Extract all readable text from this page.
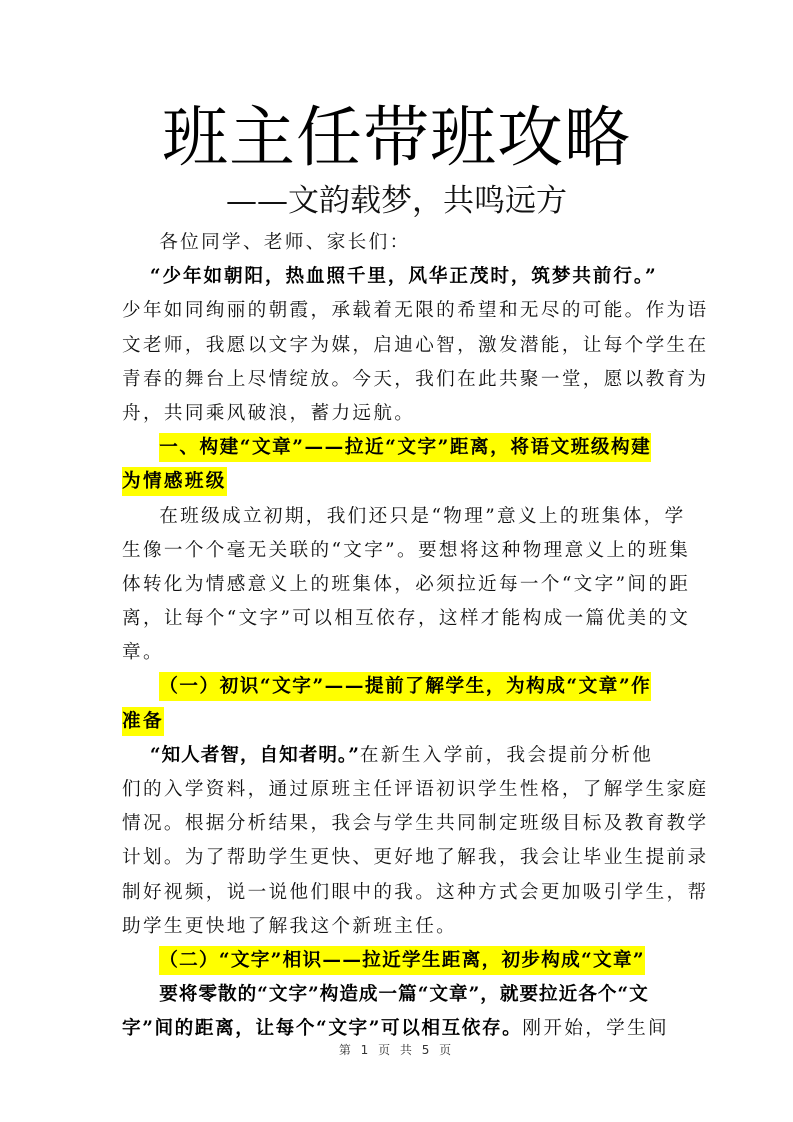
班主任带班攻略
——文韵载梦，共鸣远方
各位同学、老师、家长们：
“少年如朝阳，热血照千里，风华正茂时，筑梦共前行。”
少年如同绚丽的朝霞，承载着无限的希望和无尽的可能。作为语
文老师，我愿以文字为媒，启迪心智，激发潜能，让每个学生在
青春的舞台上尽情绽放。今天，我们在此共聚一堂，愿以教育为
舟，共同乘风破浪，蓄力远航。
一、构建“文章”——拉近“文字”距离，将语文班级构建
为情感班级
在班级成立初期，我们还只是“物理”意义上的班集体，学
生像一个个毫无关联的“文字”。要想将这种物理意义上的班集
体转化为情感意义上的班集体，必须拉近每一个“文字”间的距
离，让每个“文字”可以相互依存，这样才能构成一篇优美的文
章。
（一）初识“文字”——提前了解学生，为构成“文章”作
准备
“知人者智，自知者明。”在新生入学前，我会提前分析他
们的入学资料，通过原班主任评语初识学生性格，了解学生家庭
情况。根据分析结果，我会与学生共同制定班级目标及教育教学
计划。为了帮助学生更快、更好地了解我，我会让毕业生提前录
制好视频，说一说他们眼中的我。这种方式会更加吸引学生，帮
助学生更快地了解我这个新班主任。
（二）“文字”相识——拉近学生距离，初步构成“文章”
要将零散的“文字”构造成一篇“文章”，就要拉近各个“文
字”间的距离，让每个“文字”可以相互依存。刚开始，学生间
第 1 页 共 5 页
